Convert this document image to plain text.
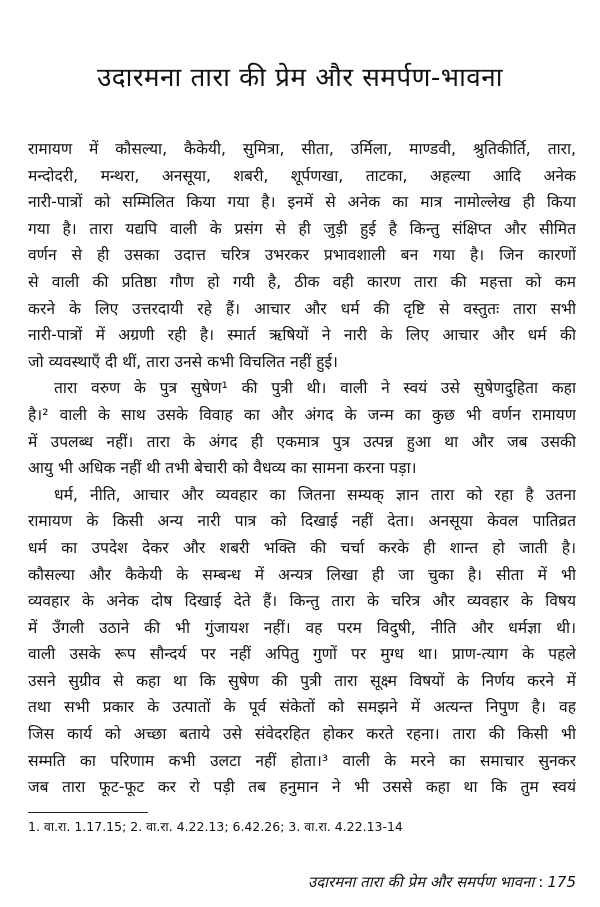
उदारमना तारा की प्रेम और समर्पण-भावना
रामायण में कौसल्या, कैकेयी, सुमित्रा, सीता, उर्मिला, माण्डवी, श्रुतिकीर्ति, तारा,
मन्दोदरी, मन्थरा, अनसूया, शबरी, शूर्पणखा, ताटका, अहल्या आदि अनेक
नारी-पात्रों को सम्मिलित किया गया है। इनमें से अनेक का मात्र नामोल्लेख ही किया
गया है। तारा यद्यपि वाली के प्रसंग से ही जुड़ी हुई है किन्तु संक्षिप्त और सीमित
वर्णन से ही उसका उदात्त चरित्र उभरकर प्रभावशाली बन गया है। जिन कारणों
से वाली की प्रतिष्ठा गौण हो गयी है, ठीक वही कारण तारा की महत्ता को कम
करने के लिए उत्तरदायी रहे हैं। आचार और धर्म की दृष्टि से वस्तुतः तारा सभी
नारी-पात्रों में अग्रणी रही है। स्मार्त ऋषियों ने नारी के लिए आचार और धर्म की
जो व्यवस्थाएँ दी थीं, तारा उनसे कभी विचलित नहीं हुई।
तारा वरुण के पुत्र सुषेण¹ की पुत्री थी। वाली ने स्वयं उसे सुषेणदुहिता कहा
है।² वाली के साथ उसके विवाह का और अंगद के जन्म का कुछ भी वर्णन रामायण
में उपलब्ध नहीं। तारा के अंगद ही एकमात्र पुत्र उत्पन्न हुआ था और जब उसकी
आयु भी अधिक नहीं थी तभी बेचारी को वैधव्य का सामना करना पड़ा।
धर्म, नीति, आचार और व्यवहार का जितना सम्यक् ज्ञान तारा को रहा है उतना
रामायण के किसी अन्य नारी पात्र को दिखाई नहीं देता। अनसूया केवल पातिव्रत
धर्म का उपदेश देकर और शबरी भक्ति की चर्चा करके ही शान्त हो जाती है।
कौसल्या और कैकेयी के सम्बन्ध में अन्यत्र लिखा ही जा चुका है। सीता में भी
व्यवहार के अनेक दोष दिखाई देते हैं। किन्तु तारा के चरित्र और व्यवहार के विषय
में उँगली उठाने की भी गुंजायश नहीं। वह परम विदुषी, नीति और धर्मज्ञा थी।
वाली उसके रूप सौन्दर्य पर नहीं अपितु गुणों पर मुग्ध था। प्राण-त्याग के पहले
उसने सुग्रीव से कहा था कि सुषेण की पुत्री तारा सूक्ष्म विषयों के निर्णय करने में
तथा सभी प्रकार के उत्पातों के पूर्व संकेतों को समझने में अत्यन्त निपुण है। वह
जिस कार्य को अच्छा बताये उसे संवेदरहित होकर करते रहना। तारा की किसी भी
सम्मति का परिणाम कभी उलटा नहीं होता।³ वाली के मरने का समाचार सुनकर
जब तारा फूट-फूट कर रो पड़ी तब हनुमान ने भी उससे कहा था कि तुम स्वयं
1. वा.रा. 1.17.15; 2. वा.रा. 4.22.13; 6.42.26; 3. वा.रा. 4.22.13-14
उदारमना तारा की प्रेम और समर्पण भावना : 175
